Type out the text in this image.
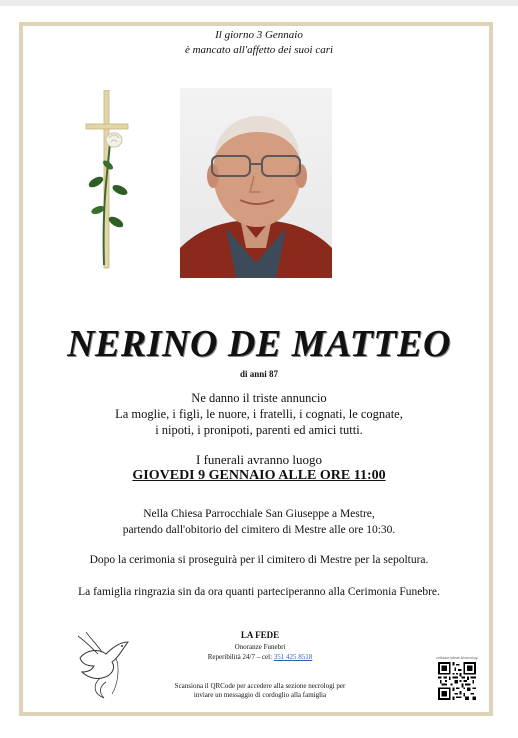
Il giorno 3 Gennaio
è mancato all'affetto dei suoi cari
NERINO DE MATTEO
di anni 87
Ne danno il triste annuncio
La moglie, i figli, le nuore, i fratelli, i cognati, le cognate,
i nipoti, i pronipoti, parenti ed amici tutti.
I funerali avranno luogo
GIOVEDI 9 GENNAIO ALLE ORE 11:00
Nella Chiesa Parrocchiale San Giuseppe a Mestre,
partendo dall'obitorio del cimitero di Mestre alle ore 10:30.
Dopo la cerimonia si proseguirà per il cimitero di Mestre per la sepoltura.
La famiglia ringrazia sin da ora quanti parteciperanno alla Cerimonia Funebre.
LA FEDE
Onoranze Funebri
Reperibilità 24/7 – cel: 351 425 8518
Scansiona il QRCode per accedere alla sezione necrologi per
inviare un messaggio di cordoglio alla famiglia
cellulare.lafede.it/necrologi
